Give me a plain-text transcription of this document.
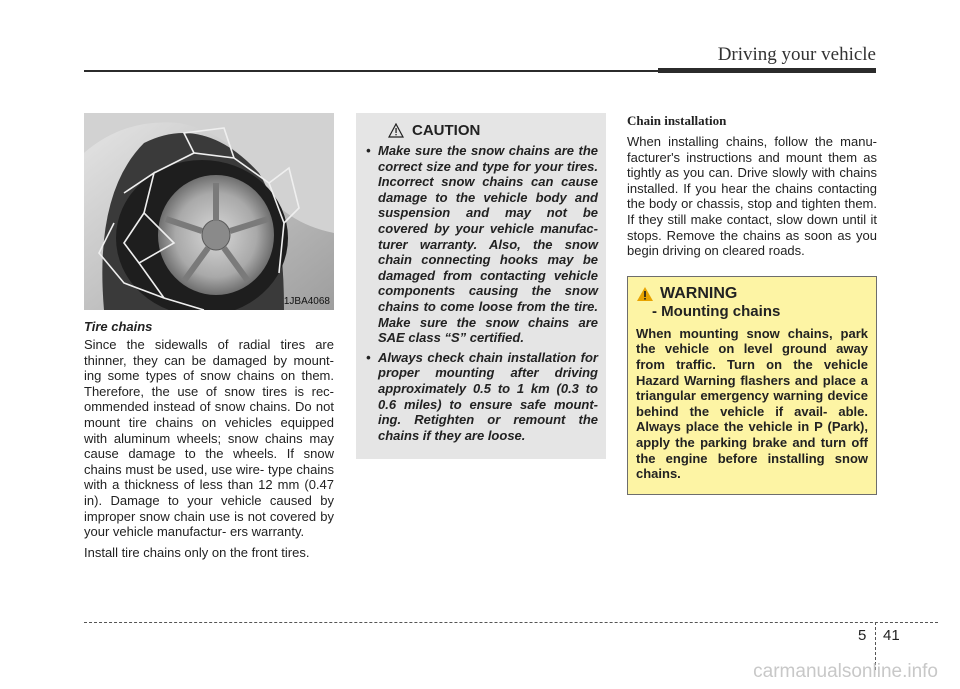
Driving your vehicle
1JBA4068
Tire chains

Since the sidewalls of radial tires are thinner, they can be damaged by mount- ing some types of snow chains on them. Therefore, the use of snow tires is rec- ommended instead of snow chains. Do not mount tire chains on vehicles equipped with aluminum wheels; snow chains may cause damage to the wheels. If snow chains must be used, use wire- type chains with a thickness of less than 12 mm (0.47 in). Damage to your vehicle caused by improper snow chain use is not covered by your vehicle manufactur- ers warranty.

Install tire chains only on the front tires.

CAUTION
• Make sure the snow chains are the correct size and type for your tires. Incorrect snow chains can cause damage to the vehicle body and suspension and may not be covered by your vehicle manufac- turer warranty. Also, the snow chain connecting hooks may be damaged from contacting vehicle components causing the snow chains to come loose from the tire. Make sure the snow chains are SAE class “S” certified.
• Always check chain installation for proper mounting after driving approximately 0.5 to 1 km (0.3 to 0.6 miles) to ensure safe mount- ing. Retighten or remount the chains if they are loose.
Chain installation

When installing chains, follow the manu- facturer's instructions and mount them as tightly as you can. Drive slowly with chains installed. If you hear the chains contacting the body or chassis, stop and tighten them. If they still make contact, slow down until it stops. Remove the chains as soon as you begin driving on cleared roads.

WARNING
- Mounting chains

When mounting snow chains, park the vehicle on level ground away from traffic. Turn on the vehicle Hazard Warning flashers and place a triangular emergency warning device behind the vehicle if avail- able. Always place the vehicle in P (Park), apply the parking brake and turn off the engine before installing snow chains.

5 41
carmanualsonline.info
